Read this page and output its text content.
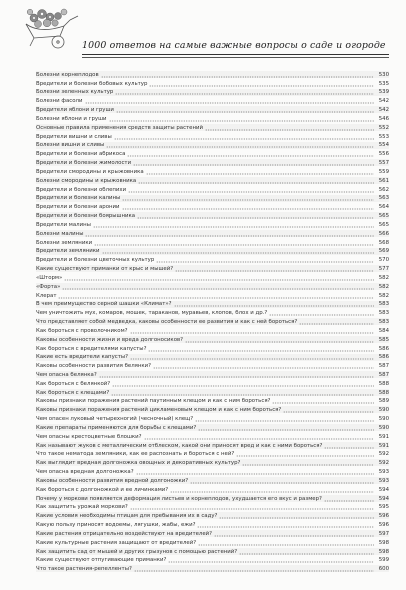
1000 ответов на самые важные вопросы о саде и огороде
Болезни корнеплодов	530
Вредители и болезни бобовых культур	535
Болезни зеленных культур	539
Болезни фасоли	542
Вредители яблони и груши	542
Болезни яблони и груши	546
Основные правила применения средств защиты растений	552
Вредители вишни и сливы	553
Болезни вишни и сливы	554
Вредители и болезни абрикоса	556
Вредители и болезни жимолости	557
Вредители смородины и крыжовника	559
Болезни смородины и крыжовника	561
Вредители и болезни облепихи	562
Вредители и болезни калины	563
Вредители и болезни аронии	564
Вредители и болезни боярышника	565
Вредители малины	565
Болезни малины	566
Болезни земляники	568
Вредители земляники	569
Вредители и болезни цветочных культур	570
Какие существуют приманки от крыс и мышей?	577
«Шторм»	582
«Форта»	582
Клерат	582
В чем преимущество серной шашки «Климат»?	583
Чем уничтожить мух, комаров, мошек, тараканов, муравьев, клопов, блох и др.?	583
Что представляет собой медведка, каковы особенности ее развития и как с ней бороться?	583
Как бороться с проволочником?	584
Каковы особенности жизни и вреда долгоносиков?	585
Как бороться с вредителями капусты?	586
Какие есть вредители капусты?	586
Каковы особенности развития белянки?	587
Чем опасна белянка?	587
Как бороться с белянкой?	588
Как бороться с клещами?	588
Каковы признаки поражения растений паутинным клещом и как с ним бороться?	589
Каковы признаки поражения растений цикламеновым клещом и как с ним бороться?	590
Чем опасен луковый четырехногий (чесночный) клещ?	590
Какие препараты применяются для борьбы с клещами?	590
Чем опасны крестоцветные блошки?	591
Как называют жуков с металлическим отблеском, какой они приносят вред и как с ними бороться?	591
Что такое нематода земляники, как ее распознать и бороться с ней?	592
Как выглядит вредная долгоножка овощных и декоративных культур?	592
Чем опасна вредная долгоножка?	593
Каковы особенности развития вредной долгоножки?	593
Как бороться с долгоножкой и ее личинками?	594
Почему у моркови появляется деформация листьев и корнеплодов, ухудшается его вкус и размер?	594
Как защитить урожай моркови?	595
Какие условия необходимы птицам для пребывания их в саду?	596
Какую пользу приносят водоемы, лягушки, жабы, ежи?	596
Какие растения отрицательно воздействуют на вредителей?	597
Какие культурные растения защищают от вредителей?	598
Как защитить сад от мышей и других грызунов с помощью растений?	598
Какие существуют отпугивающие приманки?	599
Что такое растения-репелленты?	600
